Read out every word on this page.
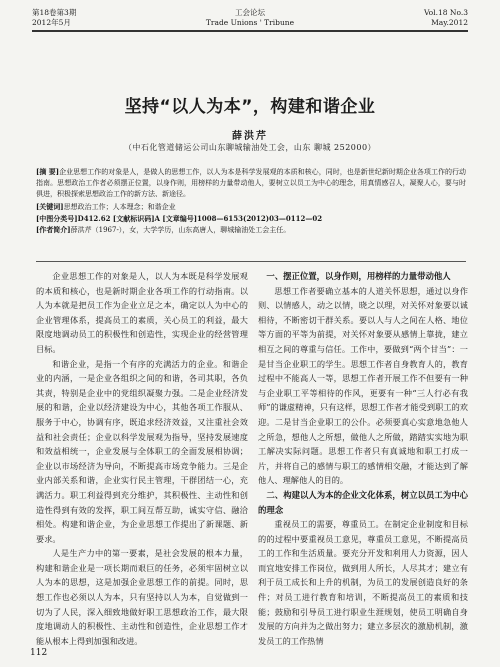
第18卷第3期
2012年5月
工会论坛
Trade Unions ' Tribune
Vol.18 No.3
May.2012
坚持“以人为本”，构建和谐企业
薛洪芹
（中石化管道储运公司山东聊城输油处工会，山东 聊城 252000）

[摘 要]企业思想工作的对象是人，是做人的思想工作，以人为本是科学发展观的本质和核心，同时，也是新世纪新时期企业各项工作的行动指南。思想政治工作者必须摆正位置，以身作则，用榜样的力量带动他人，要树立以员工为中心的理念，用真情感召人，凝聚人心，要与时俱进，积极探索思想政治工作的新方法、新途径。

[关键词]思想政治工作；人本理念；和谐企业

[中图分类号]D412.62 [文献标识码]A [文章编号]1008—6153(2012)03—0112—02

[作者简介]薛洪芹（1967-），女，大学学历，山东高唐人，聊城输油处工会主任。

企业思想工作的对象是人，以人为本既是科学发展观的本质和核心，也是新时期企业各项工作的行动指南。以人为本就是把员工作为企业立足之本，确定以人为中心的企业管理体系，提高员工的素质，关心员工的利益，最大限度地调动员工的积极性和创造性，实现企业的经营管理目标。

和谐企业，是指一个有序的充满活力的企业。和谐企业的内涵，一是企业各组织之间的和谐，各司其职，各负其责，特别是企业中的党组织凝聚力强。二是企业经济发展的和谐，企业以经济建设为中心，其他各项工作服从、服务于中心，协调有序，既追求经济效益，又注重社会效益和社会责任；企业以科学发展观为指导，坚持发展速度和效益相统一，企业发展与全体职工的全面发展相协调；企业以市场经济为导向，不断提高市场竞争能力。三是企业内部关系和谐，企业实行民主管理，干群团结一心，充满活力。职工利益得到充分维护，其积极性、主动性和创造性得到有效的发挥，职工间互帮互助，诚实守信、融洽相处。构建和谐企业，为企业思想工作提出了新课题、新要求。

人是生产力中的第一要素，是社会发展的根本力量，构建和谐企业是一项长期而艰巨的任务，必须牢固树立以人为本的思想，这是加强企业思想工作的前提。同时，思想工作也必须以人为本，只有坚持以人为本，自觉做到一切为了人民，深入细致地做好职工思想政治工作，最大限度地调动人的积极性、主动性和创造性，企业思想工作才能从根本上得到加强和改进。

一、摆正位置，以身作则，用榜样的力量带动他人

思想工作者要确立基本的人道关怀思想，通过以身作则、以情感人，动之以情，晓之以理，对关怀对象要以诚相待，不断密切干群关系。要以人与人之间在人格、地位等方面的平等为前提，对关怀对象要从感情上靠拢，建立相互之间的尊重与信任。工作中，要做到“两个甘当”：一是甘当企业职工的学生。思想工作者自身教育人的，教育过程中不能高人一等，思想工作者开展工作不但要有一种与企业职工平等相待的作风，更要有一种“三人行必有我师”的谦虚精神，只有这样，思想工作者才能受到职工的欢迎。二是甘当企业职工的公仆。必须要真心实意地急他人之所急，想他人之所想，做他人之所做，踏踏实实地为职工解决实际问题。思想工作者只有真诚地和职工打成一片，并将自己的感情与职工的感情相交融，才能达到了解他人、理解他人的目的。

二、构建以人为本的企业文化体系，树立以员工为中心的理念

重视员工的需要，尊重员工。在制定企业制度和目标的的过程中要重视员工意见，尊重员工意见，不断提高员工的工作和生活质量。要充分开发和利用人力资源，因人而宜地安排工作岗位，做到用人所长，人尽其才；建立有利于员工成长和上升的机制，为员工的发展创造良好的条件；对员工进行教育和培训，不断提高员工的素质和技能；鼓励和引导员工进行职业生涯规划，使员工明确自身发展的方向并为之做出努力；建立多层次的激励机制，激发员工的工作热情

112
